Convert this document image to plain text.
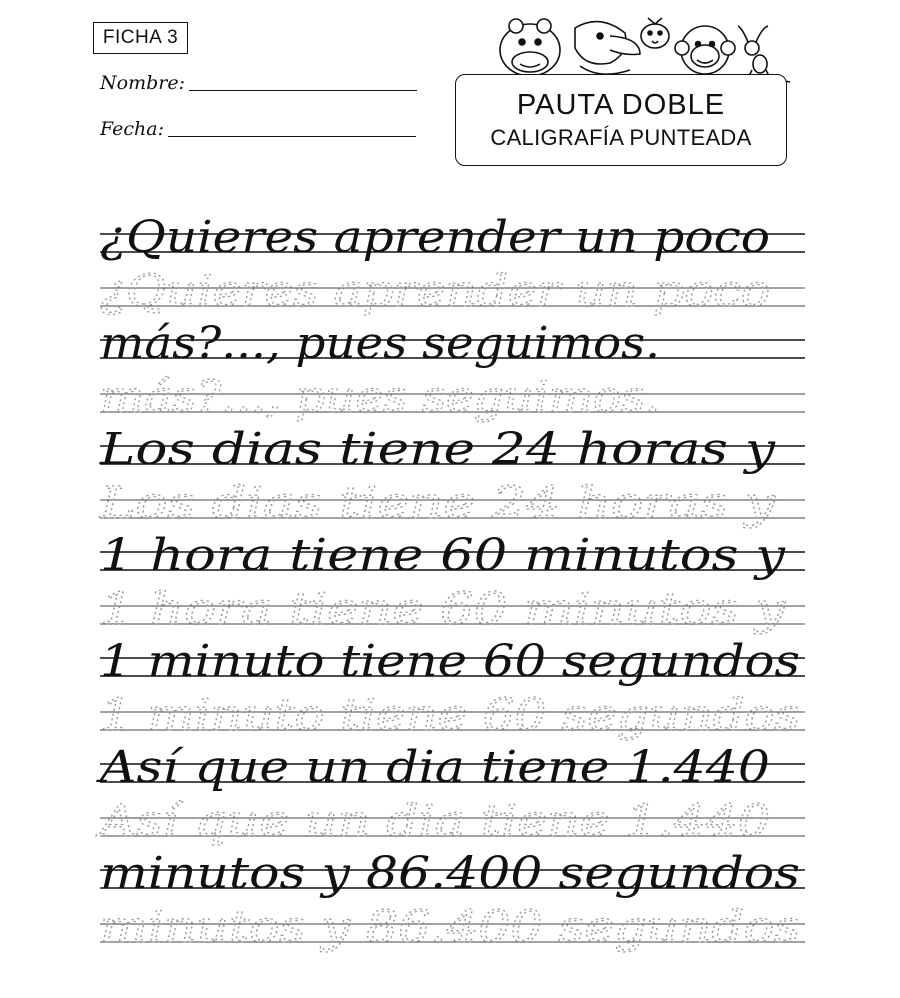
FICHA 3
Nombre:
Fecha:
PAUTA DOBLE
CALIGRAFÍA PUNTEADA
¿Quieres aprender un poco
más?..., pues seguimos.
Los dias tiene 24 horas y
1 hora tiene 60 minutos y
1 minuto tiene 60 segundos
Así que un dia tiene 1.440
minutos y 86.400 segundos
¿Quieres aprender un poco
más?..., pues seguimos.
Los dias tiene 24 horas y
1 hora tiene 60 minutos y
1 minuto tiene 60 segundos
Así que un dia tiene 1.440
minutos y 86.400 segundos
